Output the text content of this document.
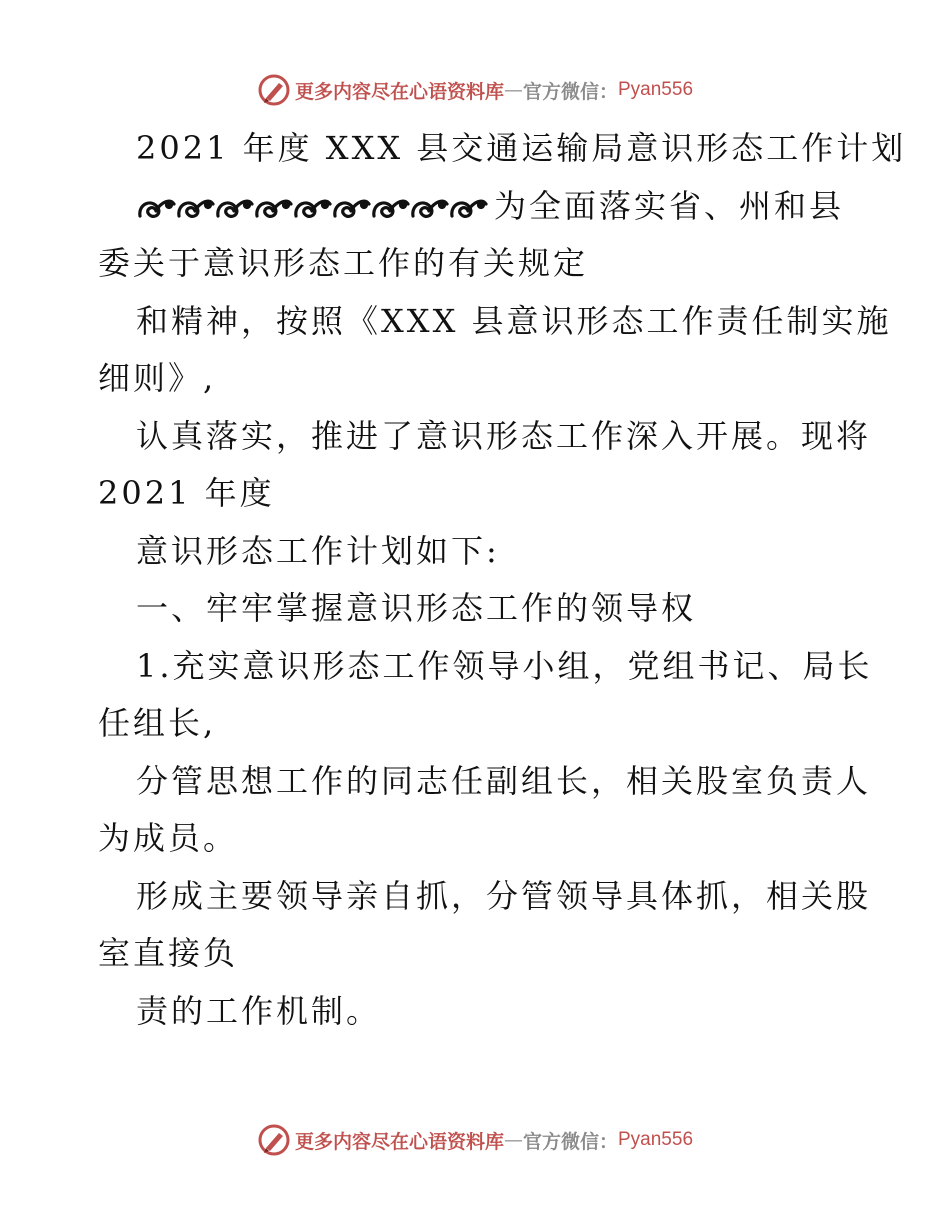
更多内容尽在心语资料库 — 官方微信： Pyan556
2021 年度 XXX 县交通运输局意识形态工作计划
为全面落实省、州和县
委关于意识形态工作的有关规定
和精神，按照《XXX 县意识形态工作责任制实施
细则》,
认真落实，推进了意识形态工作深入开展。现将
2021 年度
意识形态工作计划如下:
一、牢牢掌握意识形态工作的领导权
1.充实意识形态工作领导小组，党组书记、局长
任组长,
分管思想工作的同志任副组长，相关股室负责人
为成员。
形成主要领导亲自抓，分管领导具体抓，相关股
室直接负
责的工作机制。
更多内容尽在心语资料库 — 官方微信： Pyan556
